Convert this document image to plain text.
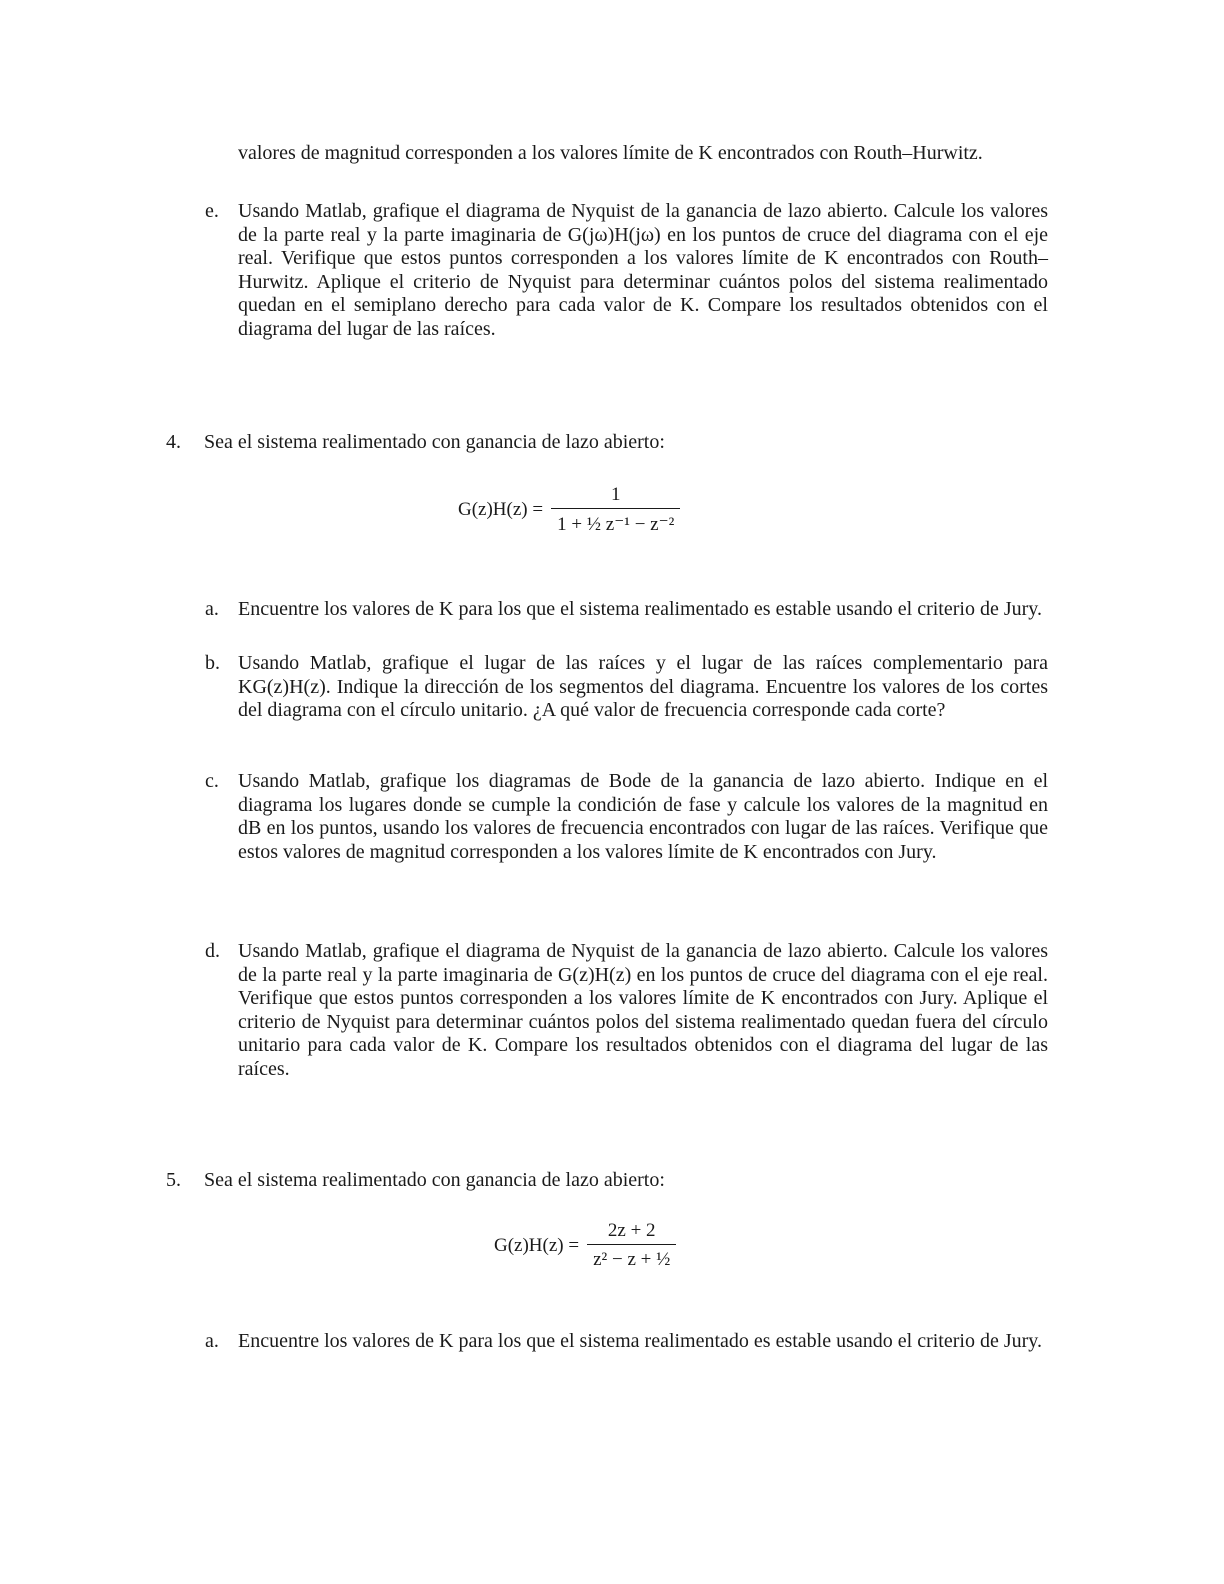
valores de magnitud corresponden a los valores límite de K encontrados con Routh–Hurwitz.
e. Usando Matlab, grafique el diagrama de Nyquist de la ganancia de lazo abierto. Calcule los valores de la parte real y la parte imaginaria de G(jω)H(jω) en los puntos de cruce del diagrama con el eje real. Verifique que estos puntos corresponden a los valores límite de K encontrados con Routh–Hurwitz. Aplique el criterio de Nyquist para determinar cuántos polos del sistema realimentado quedan en el semiplano derecho para cada valor de K. Compare los resultados obtenidos con el diagrama del lugar de las raíces.
4. Sea el sistema realimentado con ganancia de lazo abierto:
$G(z)H(z) = \frac{1}{\text{1 + ½ z⁻¹ − z⁻²}}$
a. Encuentre los valores de K para los que el sistema realimentado es estable usando el criterio de Jury.
b. Usando Matlab, grafique el lugar de las raíces y el lugar de las raíces complementario para KG(z)H(z). Indique la dirección de los segmentos del diagrama. Encuentre los valores de los cortes del diagrama con el círculo unitario. ¿A qué valor de frecuencia corresponde cada corte?
c. Usando Matlab, grafique los diagramas de Bode de la ganancia de lazo abierto. Indique en el diagrama los lugares donde se cumple la condición de fase y calcule los valores de la magnitud en dB en los puntos, usando los valores de frecuencia encontrados con lugar de las raíces. Verifique que estos valores de magnitud corresponden a los valores límite de K encontrados con Jury.
d. Usando Matlab, grafique el diagrama de Nyquist de la ganancia de lazo abierto. Calcule los valores de la parte real y la parte imaginaria de G(z)H(z) en los puntos de cruce del diagrama con el eje real. Verifique que estos puntos corresponden a los valores límite de K encontrados con Jury. Aplique el criterio de Nyquist para determinar cuántos polos del sistema realimentado quedan fuera del círculo unitario para cada valor de K. Compare los resultados obtenidos con el diagrama del lugar de las raíces.
5. Sea el sistema realimentado con ganancia de lazo abierto:
$G(z)H(z) = \frac{2z + 2}{\text{z² − z + ½}}$
a. Encuentre los valores de K para los que el sistema realimentado es estable usando el criterio de Jury.
